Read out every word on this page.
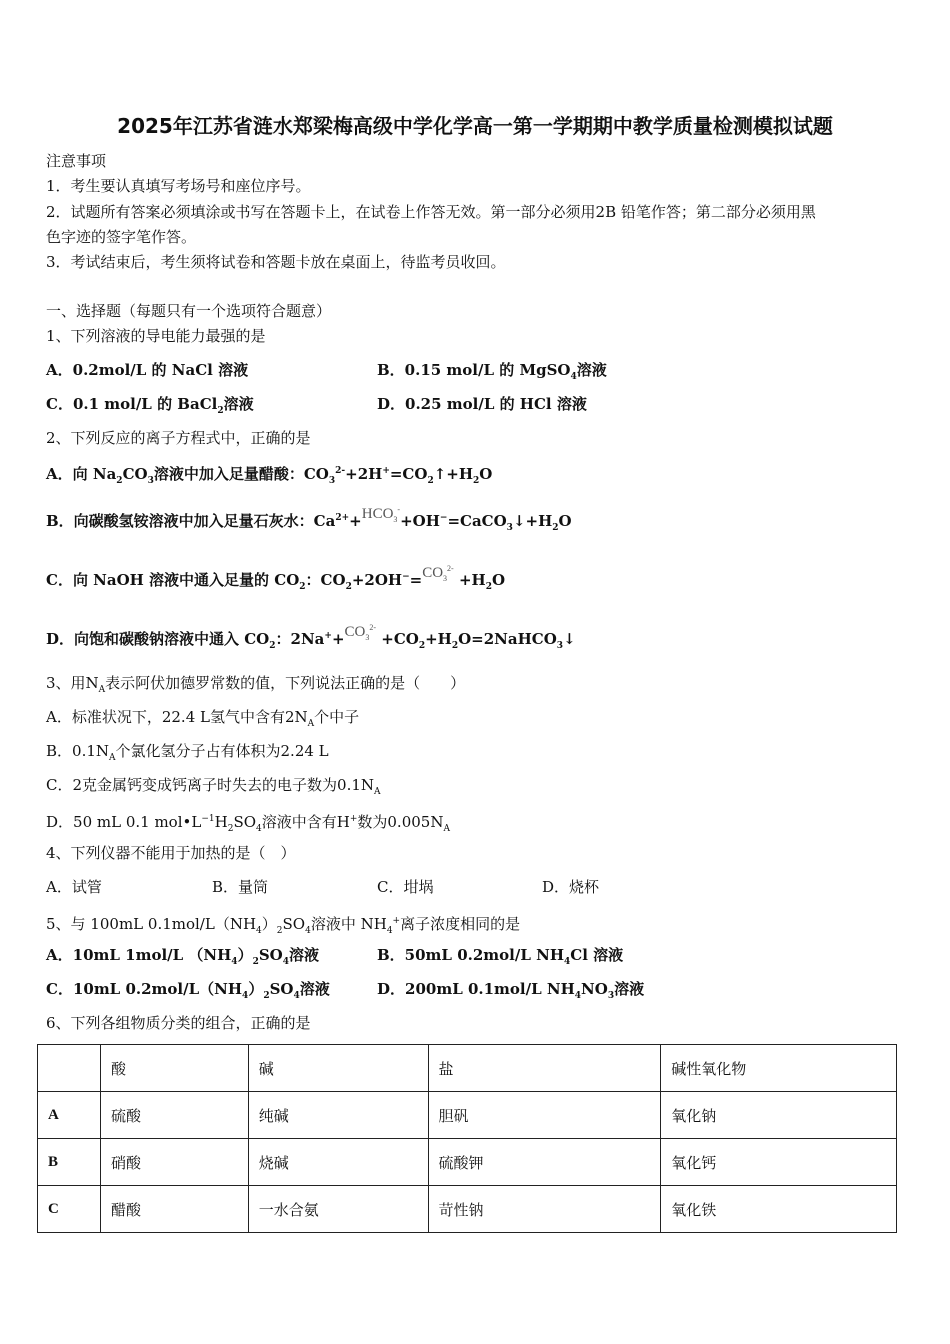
2025年江苏省涟水郑梁梅高级中学化学高一第一学期期中教学质量检测模拟试题
注意事项
1．考生要认真填写考场号和座位序号。
2．试题所有答案必须填涂或书写在答题卡上，在试卷上作答无效。第一部分必须用2B 铅笔作答；第二部分必须用黑
色字迹的签字笔作答。
3．考试结束后，考生须将试卷和答题卡放在桌面上，待监考员收回。
一、选择题（每题只有一个选项符合题意）
1、下列溶液的导电能力最强的是
A．0.2mol/L 的 NaCl 溶液	B．0.15 mol/L 的 MgSO$_4$溶液
C．0.1 mol/L 的 BaCl$_2$溶液	D．0.25 mol/L 的 HCl 溶液
2、下列反应的离子方程式中，正确的是
A．向 $Na_2CO_3$溶液中加入足量醋酸：$CO_3^{2-}+2H^+=CO_2↑+H_2O$
B．向碳酸氢铵溶液中加入足量石灰水：$Ca^{2+}+HCO_3^-+OH^-=CaCO_3↓+H_2O$
C．向 NaOH 溶液中通入足量的 $CO_2$：$CO_2+2OH^-=CO_3^{2-} +H_2O$
D．向饱和碳酸钠溶液中通入 $CO_2$：$2Na^++CO_3^{2-}$ $+CO_2+H_2O=2NaHCO_3↓$
3、用$N_A$表示阿伏加德罗常数的值，下列说法正确的是（　　）
A．标准状况下，22.4 L氢气中含有$2N_A$个中子
B．$0.1N_A$个氯化氢分子占有体积为2.24 L
C．2克金属钙变成钙离子时失去的电子数为$0.1N_A$
D．50 mL 0.1 $mol•L^{-1}H_2SO_4$溶液中含有H+数为$0.005N_A$
4、下列仪器不能用于加热的是（　）
A．试管	B．量筒	C．坩埚	D．烧杯
5、与 100mL $0.1mol/L(NH_4)_2SO_4$溶液中 $NH_4^+$离子浓度相同的是
A．10mL 1mol/L $(NH_4)_2SO_4$溶液	B．50mL 0.2mol/L $NH_4Cl$ 溶液
C．10mL $0.2mol/L(NH_4)_2SO_4$溶液	D．200mL 0.1mol/L $NH_4NO_3$溶液
6、下列各组物质分类的组合，正确的是
	酸	碱	盐	碱性氧化物
A	硫酸	纯碱	胆矾	氧化钠
B	硝酸	烧碱	硫酸钾	氧化钙
C	醋酸	一水合氨	苛性钠	氧化铁
